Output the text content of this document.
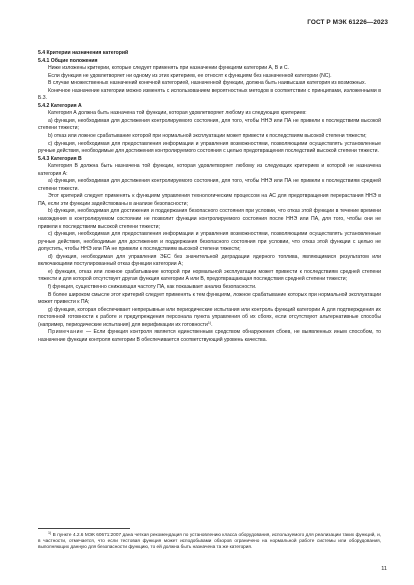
ГОСТ Р МЭК 61226—2023

5.4 Критерии назначения категорий

5.4.1 Общие положения

Ниже изложены критерии, которые следует применять при назначении функциям категории А, В и С.

Если функция не удовлетворяет ни одному из этих критериев, ее относят к функциям без назначенной категории (NC).

В случае множественных назначений конечной категорией, назначенной функции, должна быть наивысшая категория из возможных.

Конечное назначение категории можно изменять с использованием вероятностных методов в соответствии с принципами, изложенными в Б.3.

5.4.2 Категория А

Категория А должна быть назначена той функции, которая удовлетворяет любому из следующих критериев:

a) функция, необходимая для достижения контролируемого состояния, для того, чтобы ННЭ или ПА не привели к последствиям высокой степени тяжести;

b) отказ или ложное срабатывание которой при нормальной эксплуатации может привести к последствиям высокой степени тяжести;

c) функция, необходимая для предоставления информации и управления возможностями, позволяющими осуществлять установленные ручные действия, необходимые для достижения контролируемого состояния с целью предотвращения последствий высокой степени тяжести.

5.4.3 Категория В

Категория В должна быть назначена той функции, которая удовлетворяет любому из следующих критериев и которой не назначена категория А:

a) функция, необходимая для достижения контролируемого состояния, для того, чтобы ННЭ или ПА не привели к последствиям средней степени тяжести.

Этот критерий следует применять к функциям управления технологическим процессом на АС для предотвращения перерастания ННЭ в ПА, если эти функции задействованы в анализе безопасности;

b) функция, необходимая для достижения и поддержания безопасного состояния при условии, что отказ этой функции в течение времени нахождения в контролируемом состоянии не позволит функции контролируемого состояния после ННЭ или ПА, для того, чтобы они не привели к последствиям высокой степени тяжести;

c) функция, необходимая для предоставления информации и управления возможностями, позволяющими осуществлять установленные ручные действия, необходимые для достижения и поддержания безопасного состояния при условии, что отказ этой функции с целью не допустить, чтобы ННЭ или ПА не привели к последствиям высокой степени тяжести;

d) функция, необходимая для управления ЭЕС без значительной деградации ядерного топлива, являющимися результатом или включающими постулированный отказ функции категории А;

e) функция, отказ или ложное срабатывание которой при нормальной эксплуатации может привести к последствиям средней степени тяжести и для которой отсутствует другая функция категории А или В, предотвращающая последствия средней степени тяжести;

f) функция, существенно снижающая частоту ПА, как показывает анализ безопасности.

В более широком смысле этот критерий следует применять к тем функциям, ложное срабатывание которых при нормальной эксплуатации может привести к ПА;

g) функция, которая обеспечивает непрерывные или периодические испытания или контроль функций категории А для подтверждения их постоянной готовности к работе и предупреждения персонала пункта управления об их сбоях, если отсутствуют альтернативные способы (например, периодические испытания) для верификации их готовности$^{1)}$.

Примечание — Если функция контроля является единственным средством обнаружения сбоев, не выявленных иным способом, то назначение функции контроля категории В обеспечивается соответствующий уровень качества.

$^{1)}$ В пункте 4.2.6 МЭК 60671:2007 дана четкая рекомендация по установлению класса оборудования, используемого для реализации таких функций, и, в частности, отмечается, что если тестовая функция может исподобьвами обзоров ограничено на нормальной работе системы или оборудования, выполняющих данную для безопасности функцию, то ей должна быть назначена та же категория.

11
